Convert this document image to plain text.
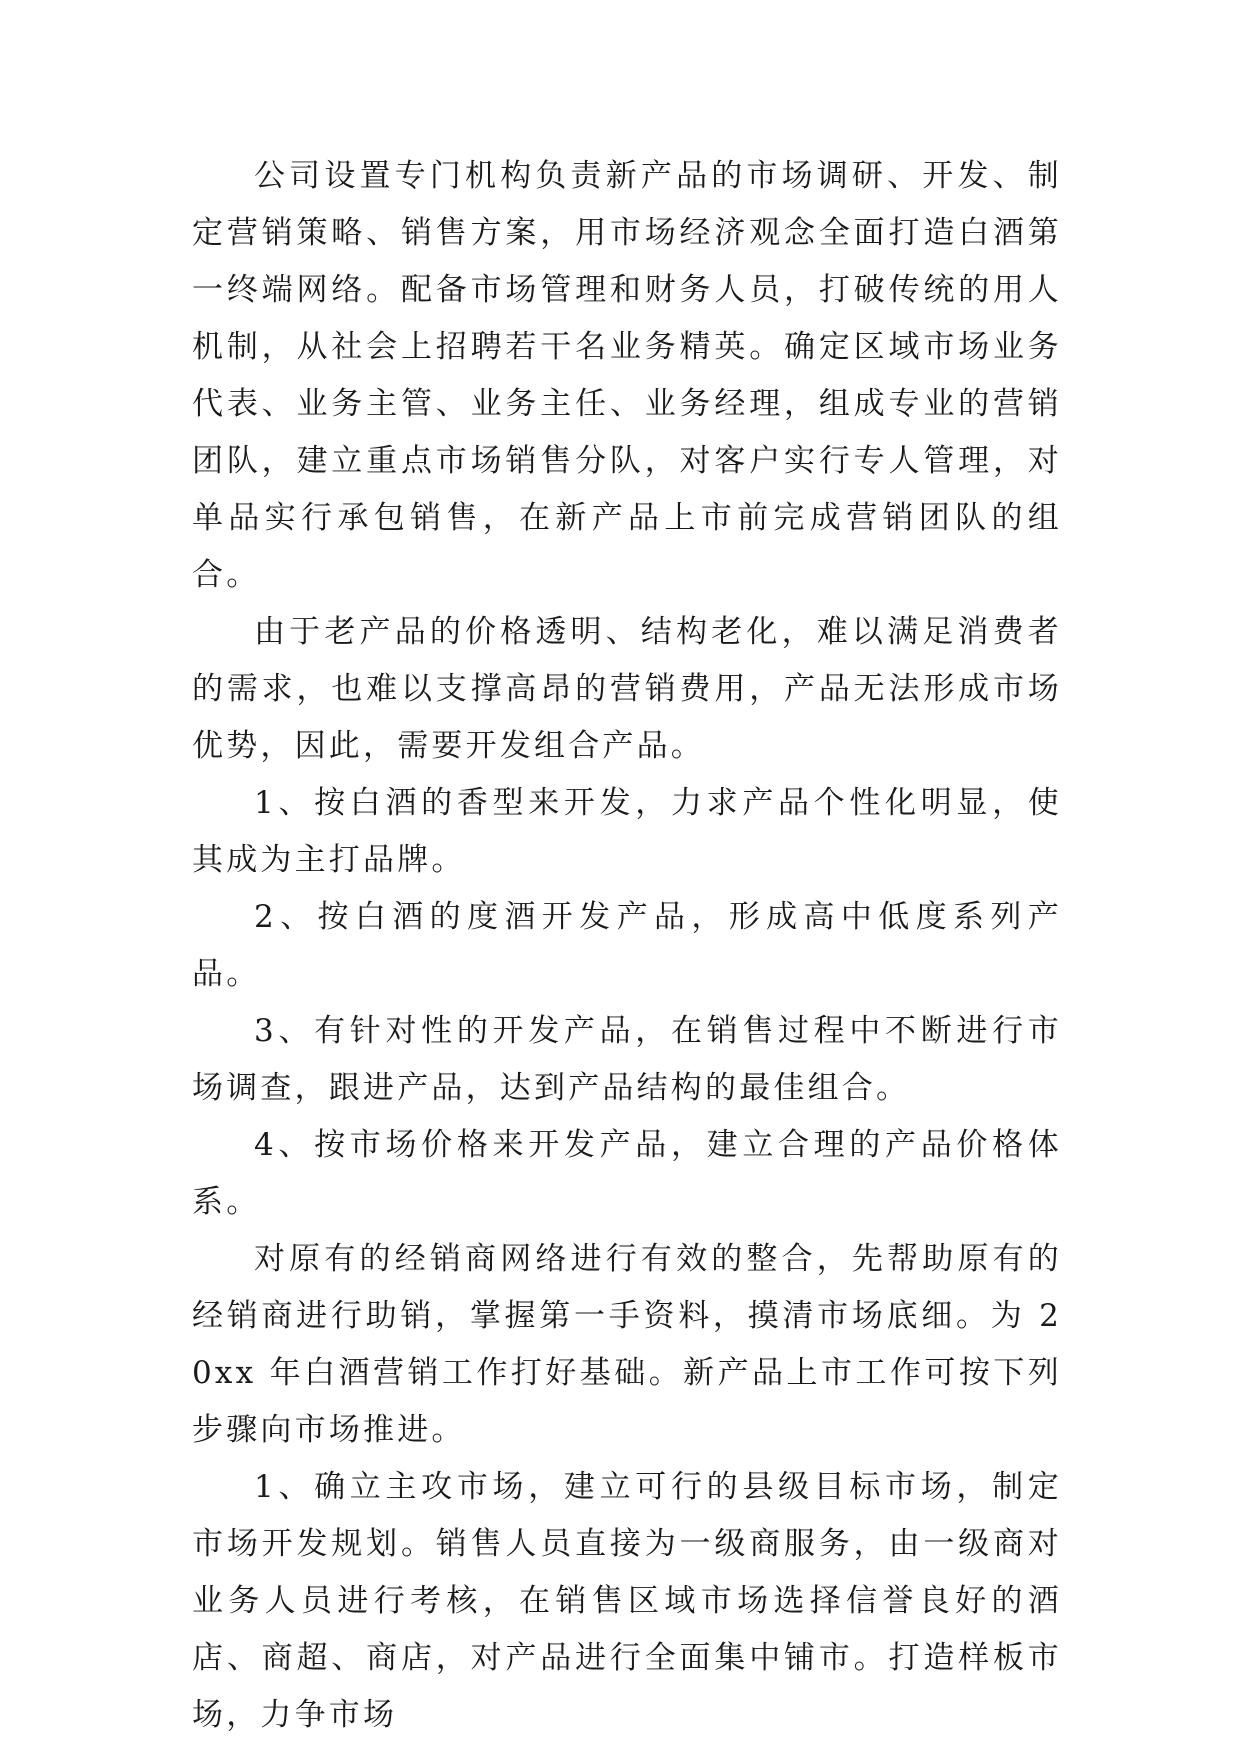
公司设置专门机构负责新产品的市场调研、开发、制定营销策略、销售方案，用市场经济观念全面打造白酒第一终端网络。配备市场管理和财务人员，打破传统的用人机制，从社会上招聘若干名业务精英。确定区域市场业务代表、业务主管、业务主任、业务经理，组成专业的营销团队，建立重点市场销售分队，对客户实行专人管理，对单品实行承包销售，在新产品上市前完成营销团队的组合。

由于老产品的价格透明、结构老化，难以满足消费者的需求，也难以支撑高昂的营销费用，产品无法形成市场优势，因此，需要开发组合产品。

1、按白酒的香型来开发，力求产品个性化明显，使其成为主打品牌。

2、按白酒的度酒开发产品，形成高中低度系列产品。

3、有针对性的开发产品，在销售过程中不断进行市场调查，跟进产品，达到产品结构的最佳组合。

4、按市场价格来开发产品，建立合理的产品价格体系。

对原有的经销商网络进行有效的整合，先帮助原有的经销商进行助销，掌握第一手资料，摸清市场底细。为 20xx 年白酒营销工作打好基础。新产品上市工作可按下列步骤向市场推进。

1、确立主攻市场，建立可行的县级目标市场，制定市场开发规划。销售人员直接为一级商服务，由一级商对业务人员进行考核，在销售区域市场选择信誉良好的酒店、商超、商店，对产品进行全面集中铺市。打造样板市场，力争市场
